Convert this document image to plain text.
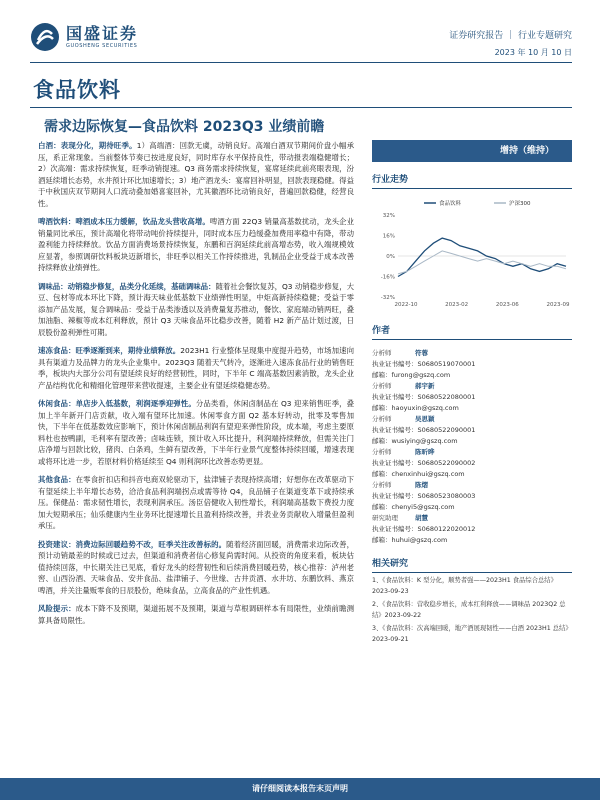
国盛证券
GUOSHENG SECURITIES
证券研究报告 ｜ 行业专题研究
2023 年 10 月 10 日
食品饮料
需求边际恢复—食品饮料 2023Q3 业绩前瞻

白酒：表现分化，期待旺季。1）高端酒：回款无虞，动销良好。高端白酒双节期间价盘小幅承压，系正常现象。当前整体节奏已按进度良好，同时库存水平保持良性，带动报表端稳健增长；2）次高端：需求持续恢复，旺季动销提速。Q3 商务需求持续恢复，宴席延续此前亮眼表现，汾酒延续增长态势，水井预计环比加速增长；3）地产酒龙头：宴席回补明显，回款表现稳健。得益于中秋国庆双节期间人口流动叠加婚喜宴回补，尤其徽酒环比动销良好，普遍回款稳健，经营良性。

啤酒饮料：啤酒成本压力缓解，饮品龙头营收高增。啤酒方面 22Q3 销量高基数扰动，龙头企业销量同比承压，预计高端化将带动吨价持续提升，同时成本压力趋缓叠加费用率稳中有降，带动盈利能力持续释放。饮品方面消费场景持续恢复，东鹏和百润延续此前高增态势，收入端规模效应显著，参照调研饮料板块迈新增长，非旺季以相关工作持续推进，乳制品企业受益于成本改善持续释放业绩弹性。

调味品：动销稳步修复，品类分化延续，基础调味品：随着社会餐饮复苏，Q3 动销稳步修复，大豆、包材等成本环比下降，预计海天味业低基数下业绩弹性明显，中炬高新持续稳健；受益于零添加产品发展，复合调味品：受益于品类渗透以及消费量复苏推动，餐饮、家庭端动销两旺，叠加油脂、辣椒等成本红利释放，预计 Q3 天味食品环比稳步改善，随着 H2 新产品计划过渡，日辰股份盈利弹性可期。

速冻食品：旺季逐渐到来，期待业绩释放。2023H1 行业整体呈现集中度提升趋势，市场加速向具有渠道力及品牌力的龙头企业集中。2023Q3 随着天气转冷，逐渐进入速冻食品行业的销售旺季，板块内大部分公司有望延续良好的经营韧性，同时，下半年 C 端高基数因素消散，龙头企业产品结构优化和精细化管理带来营收提速，主要企业有望延续稳健态势。

休闲食品：单店步入低基数，利润逐季迎弹性。分品类看，休闲卤制品在 Q3 迎来销售旺季，叠加上半年新开门店贡献，收入端有望环比加速。休闲零食方面 Q2 基本好转动，批零及零售加快，下半年在低基数效应影响下，预计休闲卤制品利润有望迎来弹性阶段，成本端，考虑主要原料杜也按鸭副，毛利率有望改善；卤味连锁，预计收入环比提升，利润端持续释放，但需关注门店净增与回款比较，猪肉、白条鸡，生鲜有望改善，下半年行业景气度整体持续回暖，增速表现或将环比进一步，若原材料价格延续至 Q4 则利润环比改善态势更显。

其他食品：在零食折扣店和抖音电商双轮驱动下，盐津铺子表现持续高增；好想你在改革驱动下有望延续上半年增长态势，洽洽食品利润端拐点或需等待 Q4，良品铺子在渠道变革下或持续承压。保健品：需求韧性增长，表现利润承压。汤臣倍健收入韧性增长，利润端高基数下费投力度加大短期承压；仙乐健康内生业务环比提速增长且盈利持续改善，并表业务贡献收入增量但盈利承压。

投资建议：消费边际回暖趋势不改，旺季关注改善标的。随着经济面回暖，消费需求边际改善，预计动销最差的时候或已过去，但渠道和消费者信心修复尚需时间。从投资的角度来看，板块估值持续回落，中长期关注已见底，看好龙头的经营韧性和后续消费回暖趋势，核心推荐：泸州老窖、山西汾酒、天味食品、安井食品、盐津铺子、今世缘、古井贡酒、水井坊、东鹏饮料、燕京啤酒，并关注量贩零食的日辰股份，绝味食品，立高食品的产业性机遇。

风险提示：成本下降不及预期，渠道拓展不及预期，渠道与草根调研样本有局限性，业绩前瞻测算具备局限性。

增持（维持）
行业走势
32%
16%
0%
-16%
-32%
2022-10	2023-02	2023-06	2023-09
食品饮料	沪深300
作者
分析师	符蓉
执业证书编号： S0680519070001
邮箱： furong@gszq.com
分析师	郝宇新
执业证书编号： S0680522080001
邮箱： haoyuxin@gszq.com
分析师	吴思颖
执业证书编号： S0680522090001
邮箱： wusiying@gszq.com
分析师	陈昕晔
执业证书编号： S0680522090002
邮箱： chenxinhui@gszq.com
分析师	陈熠
执业证书编号： S0680523080003
邮箱： chenyi5@gszq.com
研究助理	胡慧
执业证书编号： S0680122020012
邮箱： huhui@gszq.com
相关研究

1、《食品饮料：K 型分化，顺势者强——2023H1 食品综合总结》2023-09-23

2、《食品饮料：营收稳步增长，成本红利释放——调味品 2023Q2 总结》2023-09-22

3、《食品饮料：次高端回暖，地产酒展现韧性——白酒 2023H1 总结》2023-09-21

请仔细阅读本报告末页声明
